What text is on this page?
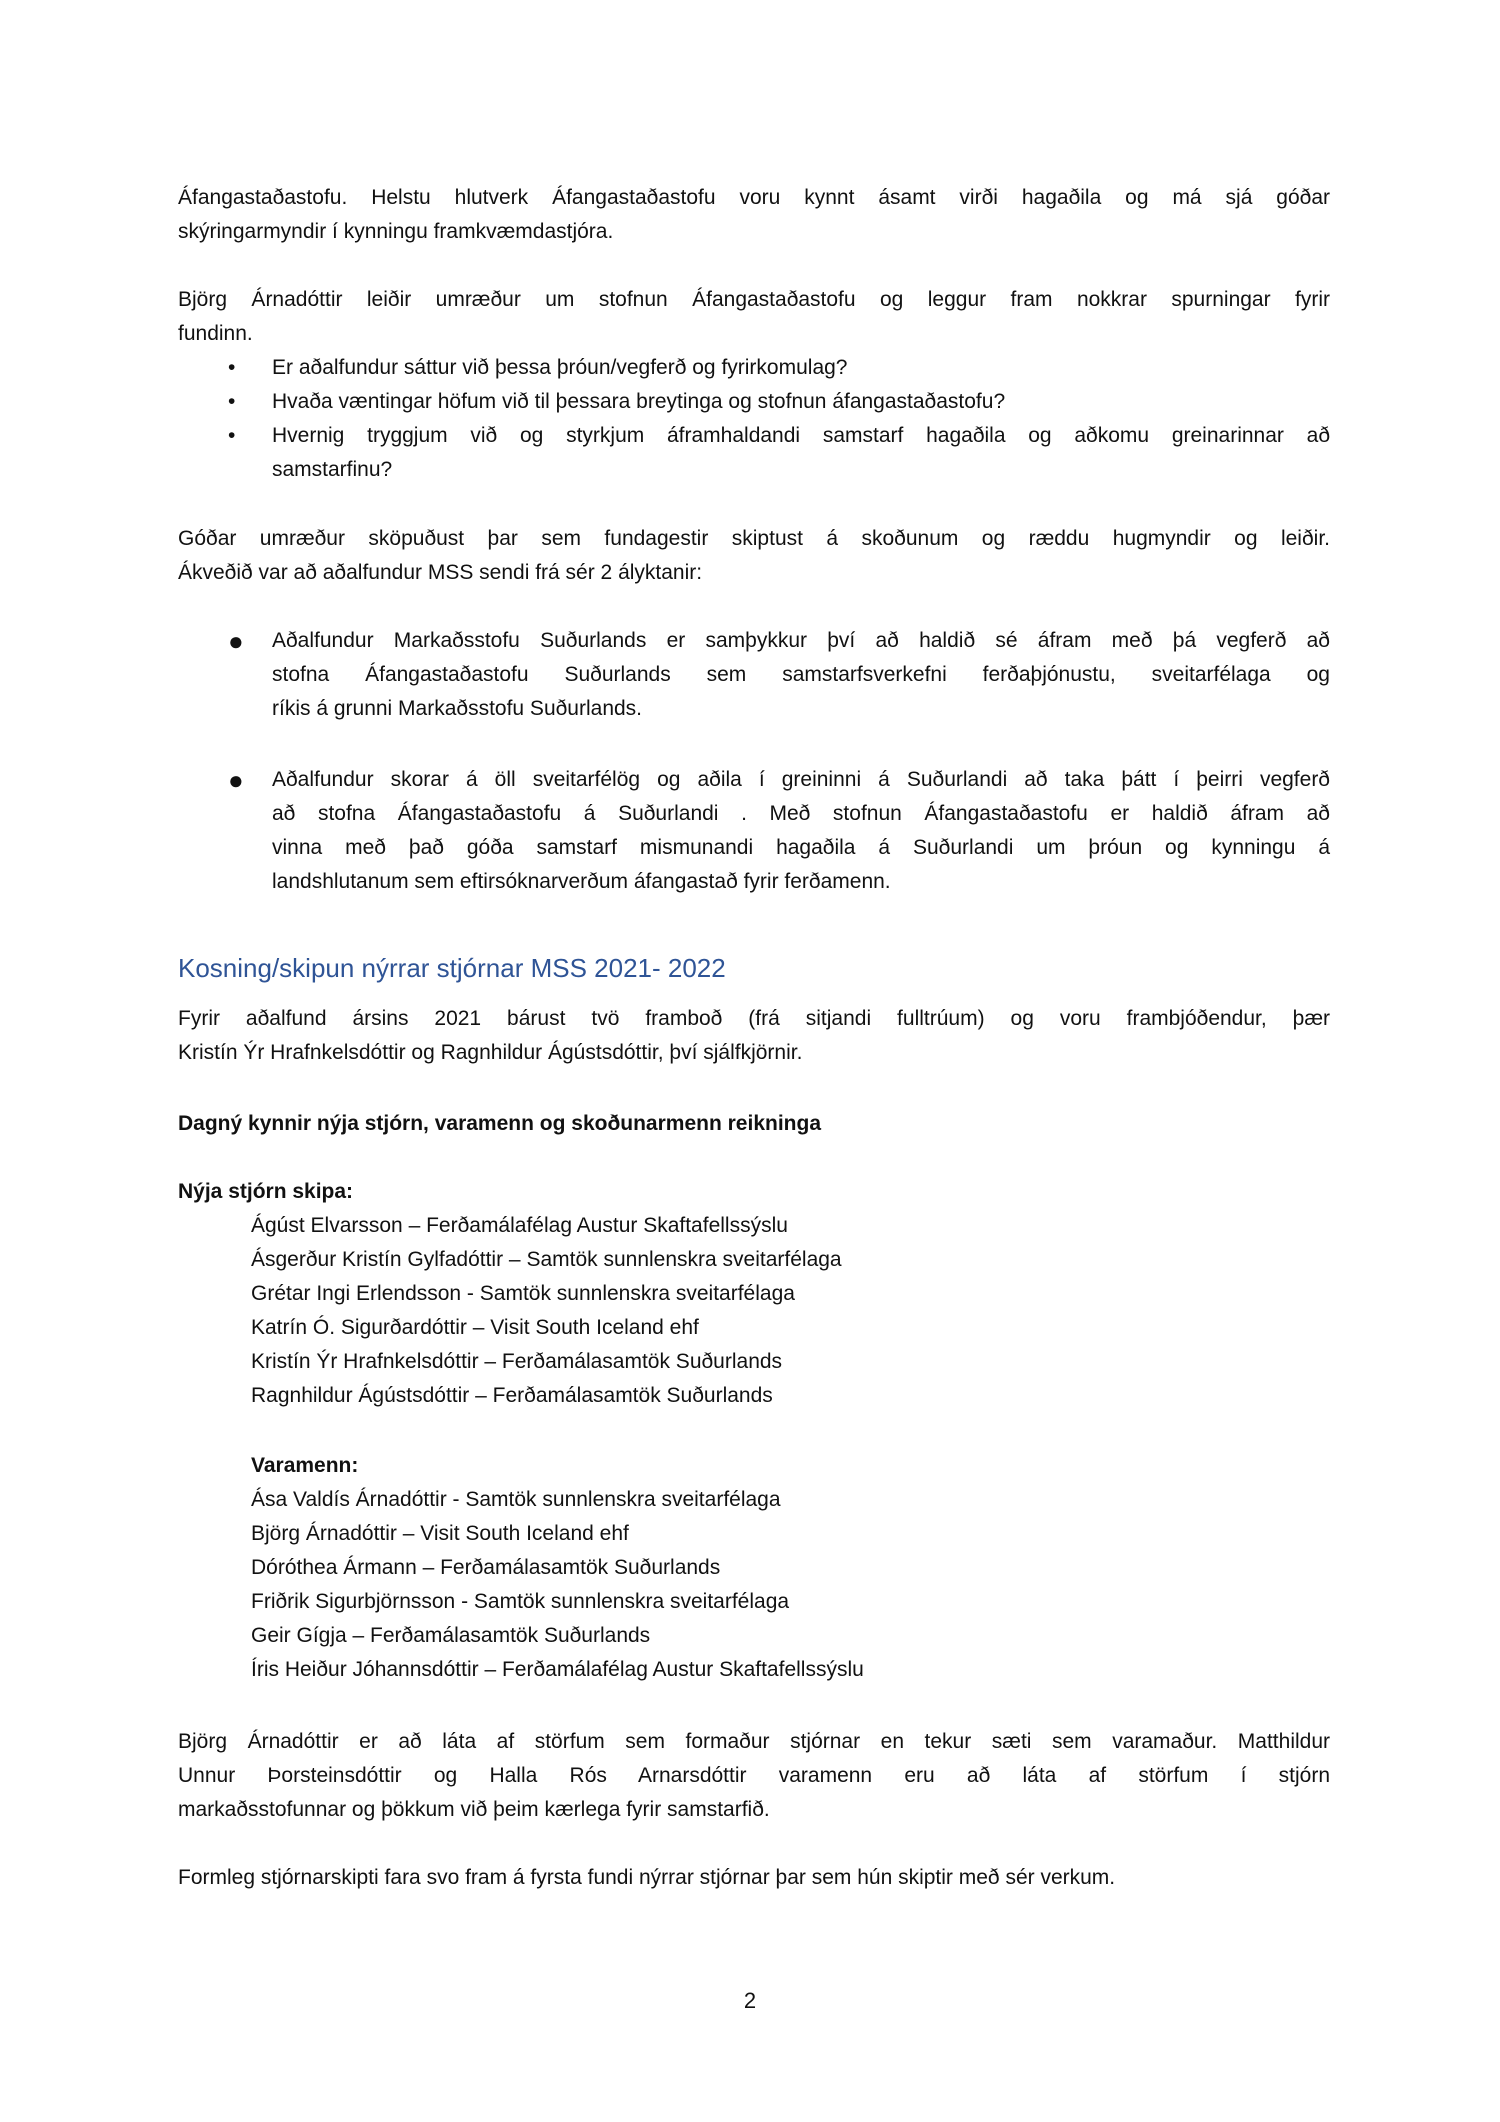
Áfangastaðastofu. Helstu hlutverk Áfangastaðastofu voru kynnt ásamt virði hagaðila og má sjá góðar
skýringarmyndir í kynningu framkvæmdastjóra.
Björg Árnadóttir leiðir umræður um stofnun Áfangastaðastofu og leggur fram nokkrar spurningar fyrir
fundinn.
•	Er aðalfundur sáttur við þessa þróun/vegferð og fyrirkomulag?
•	Hvaða væntingar höfum við til þessara breytinga og stofnun áfangastaðastofu?
•	Hvernig tryggjum við og styrkjum áframhaldandi samstarf hagaðila og aðkomu greinarinnar að
samstarfinu?
Góðar umræður sköpuðust þar sem fundagestir skiptust á skoðunum og ræddu hugmyndir og leiðir.
Ákveðið var að aðalfundur MSS sendi frá sér 2 ályktanir:
● Aðalfundur Markaðsstofu Suðurlands er samþykkur því að haldið sé áfram með þá vegferð að
stofna Áfangastaðastofu Suðurlands sem samstarfsverkefni ferðaþjónustu, sveitarfélaga og
ríkis á grunni Markaðsstofu Suðurlands.
● Aðalfundur skorar á öll sveitarfélög og aðila í greininni á Suðurlandi að taka þátt í þeirri vegferð
að stofna Áfangastaðastofu á Suðurlandi . Með stofnun Áfangastaðastofu er haldið áfram að
vinna með það góða samstarf mismunandi hagaðila á Suðurlandi um þróun og kynningu á
landshlutanum sem eftirsóknarverðum áfangastað fyrir ferðamenn.
Kosning/skipun nýrrar stjórnar MSS 2021- 2022
Fyrir aðalfund ársins 2021 bárust tvö framboð (frá sitjandi fulltrúum) og voru frambjóðendur, þær
Kristín Ýr Hrafnkelsdóttir og Ragnhildur Ágústsdóttir, því sjálfkjörnir.
Dagný kynnir nýja stjórn, varamenn og skoðunarmenn reikninga
Nýja stjórn skipa:
Ágúst Elvarsson – Ferðamálafélag Austur Skaftafellssýslu
Ásgerður Kristín Gylfadóttir – Samtök sunnlenskra sveitarfélaga
Grétar Ingi Erlendsson - Samtök sunnlenskra sveitarfélaga
Katrín Ó. Sigurðardóttir – Visit South Iceland ehf
Kristín Ýr Hrafnkelsdóttir – Ferðamálasamtök Suðurlands
Ragnhildur Ágústsdóttir – Ferðamálasamtök Suðurlands
Varamenn:
Ása Valdís Árnadóttir - Samtök sunnlenskra sveitarfélaga
Björg Árnadóttir – Visit South Iceland ehf
Dóróthea Ármann – Ferðamálasamtök Suðurlands
Friðrik Sigurbjörnsson - Samtök sunnlenskra sveitarfélaga
Geir Gígja – Ferðamálasamtök Suðurlands
Íris Heiður Jóhannsdóttir – Ferðamálafélag Austur Skaftafellssýslu
Björg Árnadóttir er að láta af störfum sem formaður stjórnar en tekur sæti sem varamaður. Matthildur
Unnur Þorsteinsdóttir og Halla Rós Arnarsdóttir varamenn eru að láta af störfum í stjórn
markaðsstofunnar og þökkum við þeim kærlega fyrir samstarfið.
Formleg stjórnarskipti fara svo fram á fyrsta fundi nýrrar stjórnar þar sem hún skiptir með sér verkum.
2
